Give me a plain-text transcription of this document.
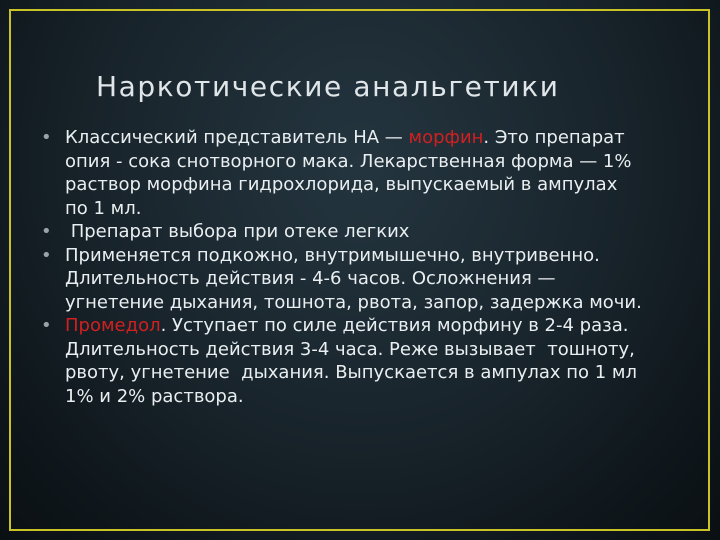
Наркотические анальгетики
• Классический представитель НА — морфин. Это препарат
опия - сока снотворного мака. Лекарственная форма — 1%
раствор морфина гидрохлорида, выпускаемый в ампулах
по 1 мл.
• Препарат выбора при отеке легких
• Применяется подкожно, внутримышечно, внутривенно.
Длительность действия - 4-6 часов. Осложнения —
угнетение дыхания, тошнота, рвота, запор, задержка мочи.
• Промедол. Уступает по силе действия морфину в 2-4 раза.
Длительность действия 3-4 часа. Реже вызывает  тошноту,
рвоту, угнетение  дыхания. Выпускается в ампулах по 1 мл
1% и 2% раствора.
